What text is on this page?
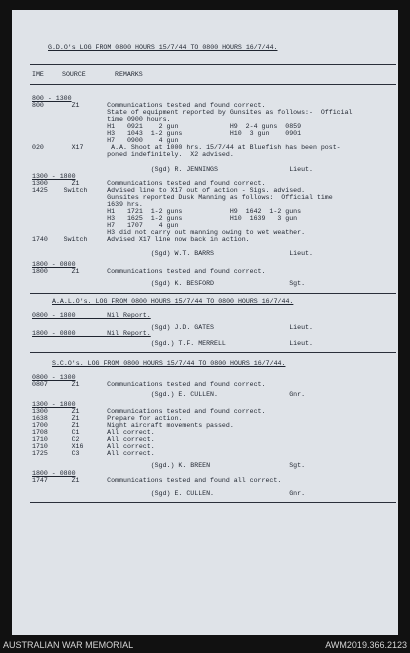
G.D.O's LOG FROM 0800 HOURS 15/7/44 TO 0800 HOURS 16/7/44.
IME	SOURCE	REMARKS
800 - 1300
800       Z1       Communications tested and found correct.
State of equipment reported by Gunsites as follows:-  Official
time 0900 hours.
H1   0921    2 gun             H9  2-4 guns  0859
H3   1043  1-2 guns            H10  3 gun    0901
H7   0900    4 gun
020       X17       A.A. Shoot at 1000 hrs. 15/7/44 at Bluefish has been post-
poned indefinitely.  X2 advised.
(Sgd) R. JENNINGS                  Lieut.
1300 - 1800
1300      Z1       Communications tested and found correct.
1425    Switch     Advised line to X17 out of action - Sigs. advised.
Gunsites reported Dusk Manning as follows:  Official time
1639 hrs.
H1   1721  1-2 guns            H9  1642  1-2 guns
H3   1625  1-2 guns            H10  1639   3 gun
H7   1707    4 gun
H3 did not carry out manning owing to wet weather.
1740    Switch     Advised X17 line now back in action.
(Sgd) W.T. BARRS                   Lieut.
1800 - 0800
1800      Z1       Communications tested and found correct.
(Sgd) K. BESFORD                   Sgt.
A.A.L.O's. LOG FROM 0800 HOURS 15/7/44 TO 0800 HOURS 16/7/44.
0800 - 1800        Nil Report.
(Sgd) J.D. GATES                   Lieut.
1800 - 0800        Nil Report.
(Sgd.) T.F. MERRELL                Lieut.
S.C.O's. LOG FROM 0800 HOURS 15/7/44 TO 0800 HOURS 16/7/44.
0800 - 1300
0807      Z1       Communications tested and found correct.
(Sgd.) E. CULLEN.                  Gnr.
1300 - 1800
1300      Z1       Communications tested and found correct.
1638      Z1       Prepare for action.
1700      Z1       Night aircraft movements passed.
1708      C1       All correct.
1710      C2       All correct.
1710      X16      All correct.
1725      C3       All correct.
(Sgd.) K. BREEN                    Sgt.
1800 - 0800
1747      Z1       Communications tested and found all correct.
(Sgd) E. CULLEN.                   Gnr.
AUSTRALIAN WAR MEMORIAL	AWM2019.366.2123
